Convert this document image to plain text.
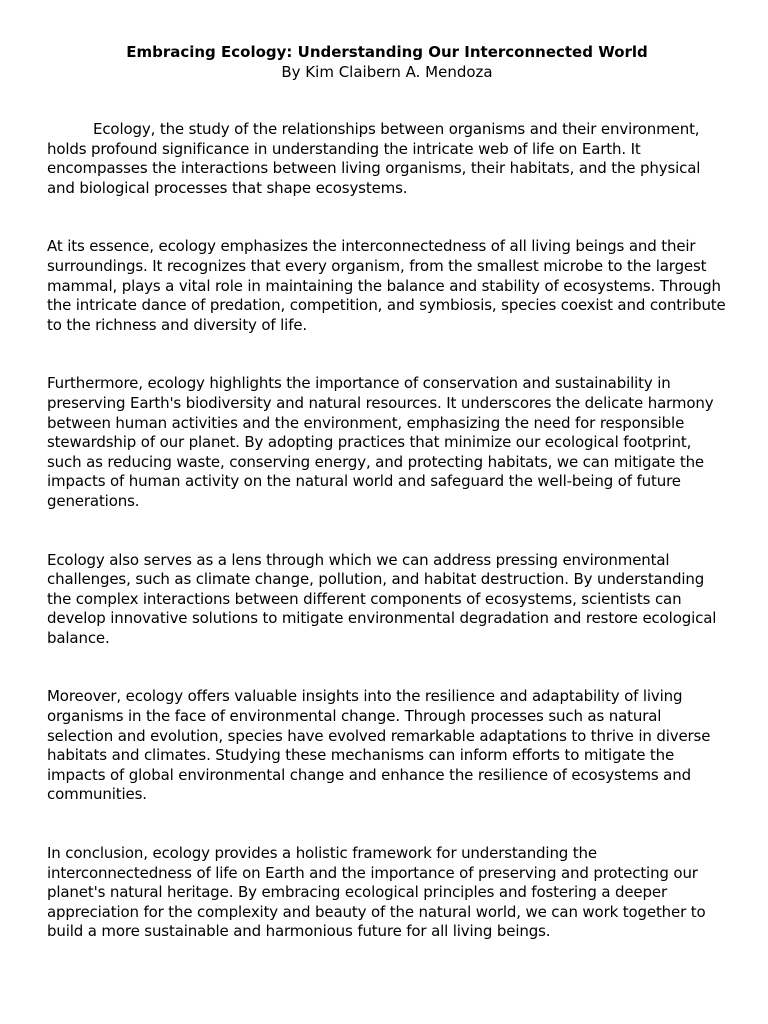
Embracing Ecology: Understanding Our Interconnected World

By Kim Claibern A. Mendoza

Ecology, the study of the relationships between organisms and their environment, holds profound significance in understanding the intricate web of life on Earth. It encompasses the interactions between living organisms, their habitats, and the physical and biological processes that shape ecosystems.

At its essence, ecology emphasizes the interconnectedness of all living beings and their surroundings. It recognizes that every organism, from the smallest microbe to the largest mammal, plays a vital role in maintaining the balance and stability of ecosystems. Through the intricate dance of predation, competition, and symbiosis, species coexist and contribute to the richness and diversity of life.

Furthermore, ecology highlights the importance of conservation and sustainability in preserving Earth's biodiversity and natural resources. It underscores the delicate harmony between human activities and the environment, emphasizing the need for responsible stewardship of our planet. By adopting practices that minimize our ecological footprint, such as reducing waste, conserving energy, and protecting habitats, we can mitigate the impacts of human activity on the natural world and safeguard the well-being of future generations.

Ecology also serves as a lens through which we can address pressing environmental challenges, such as climate change, pollution, and habitat destruction. By understanding the complex interactions between different components of ecosystems, scientists can develop innovative solutions to mitigate environmental degradation and restore ecological balance.

Moreover, ecology offers valuable insights into the resilience and adaptability of living organisms in the face of environmental change. Through processes such as natural selection and evolution, species have evolved remarkable adaptations to thrive in diverse habitats and climates. Studying these mechanisms can inform efforts to mitigate the impacts of global environmental change and enhance the resilience of ecosystems and communities.

In conclusion, ecology provides a holistic framework for understanding the interconnectedness of life on Earth and the importance of preserving and protecting our planet's natural heritage. By embracing ecological principles and fostering a deeper appreciation for the complexity and beauty of the natural world, we can work together to build a more sustainable and harmonious future for all living beings.
